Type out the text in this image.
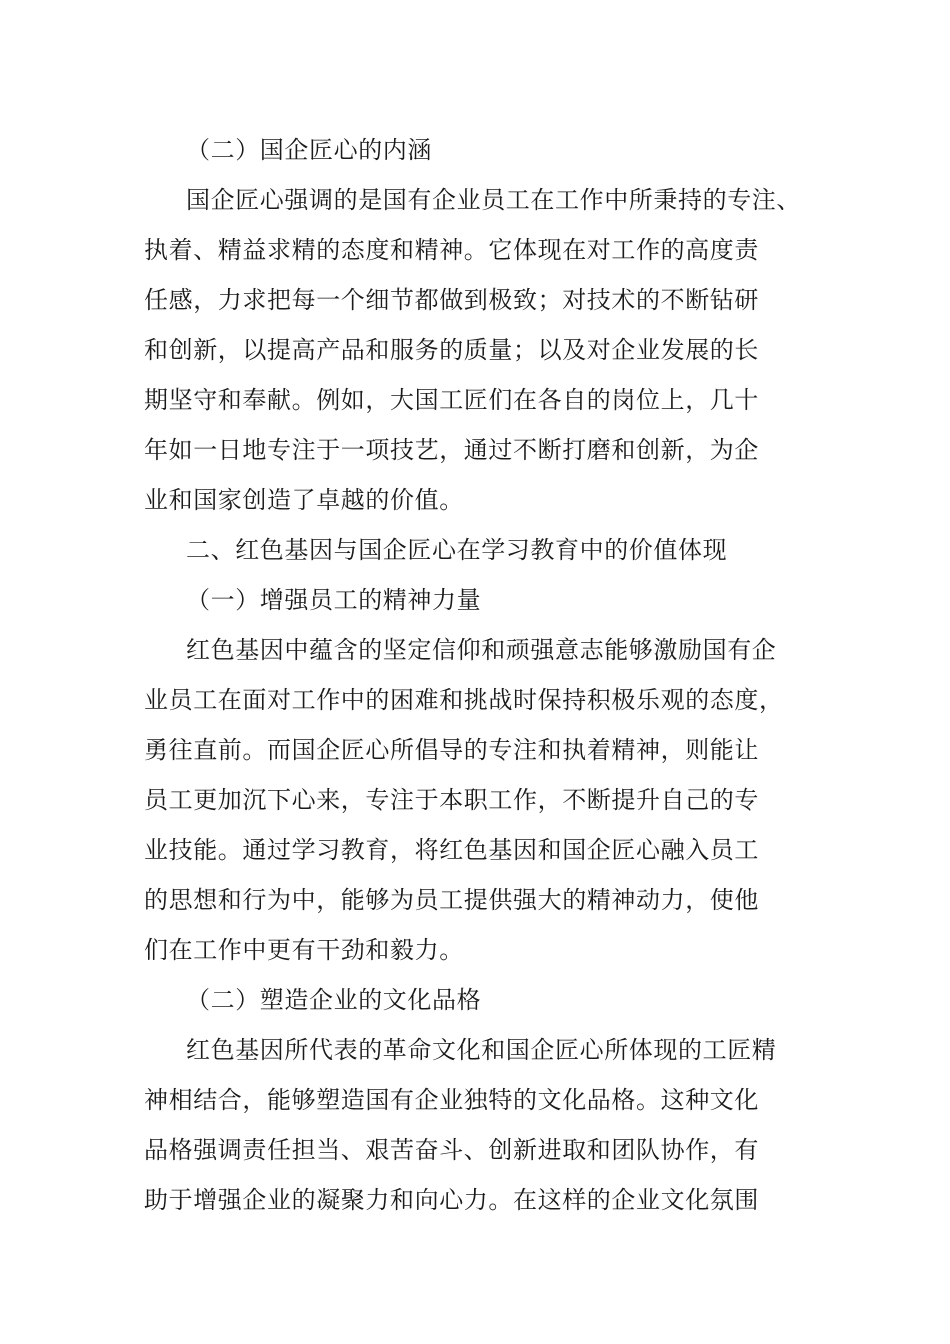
（二）国企匠心的内涵
国企匠心强调的是国有企业员工在工作中所秉持的专注、
执着、精益求精的态度和精神。它体现在对工作的高度责
任感，力求把每一个细节都做到极致；对技术的不断钻研
和创新，以提高产品和服务的质量；以及对企业发展的长
期坚守和奉献。例如，大国工匠们在各自的岗位上，几十
年如一日地专注于一项技艺，通过不断打磨和创新，为企
业和国家创造了卓越的价值。
二、红色基因与国企匠心在学习教育中的价值体现
（一）增强员工的精神力量
红色基因中蕴含的坚定信仰和顽强意志能够激励国有企
业员工在面对工作中的困难和挑战时保持积极乐观的态度，
勇往直前。而国企匠心所倡导的专注和执着精神，则能让
员工更加沉下心来，专注于本职工作，不断提升自己的专
业技能。通过学习教育，将红色基因和国企匠心融入员工
的思想和行为中，能够为员工提供强大的精神动力，使他
们在工作中更有干劲和毅力。
（二）塑造企业的文化品格
红色基因所代表的革命文化和国企匠心所体现的工匠精
神相结合，能够塑造国有企业独特的文化品格。这种文化
品格强调责任担当、艰苦奋斗、创新进取和团队协作，有
助于增强企业的凝聚力和向心力。在这样的企业文化氛围
